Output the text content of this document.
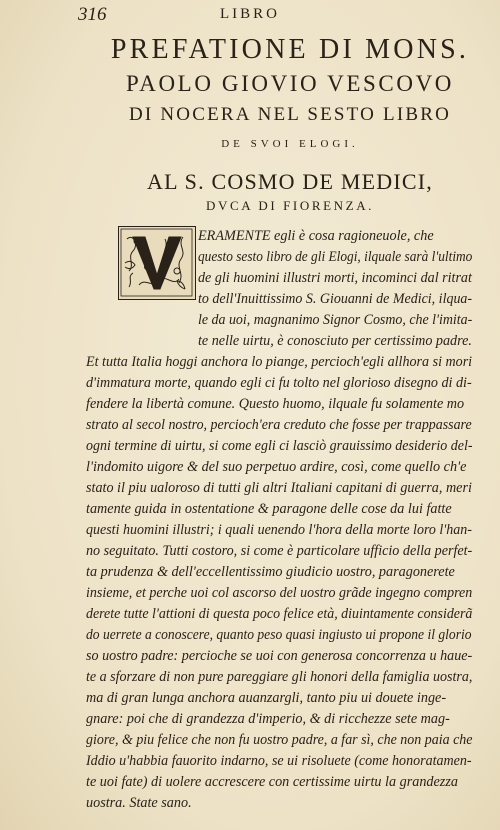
316	LIBRO
PREFATIONE DI MONS.
PAOLO GIOVIO VESCOVO
DI NOCERA NEL SESTO LIBRO
DE SVOI ELOGI.
AL S. COSMO DE MEDICI,
DVCA DI FIORENZA.
V
ERAMENTE egli è cosa ragioneuole, che
questo sesto libro de gli Elogi, ilquale sarà l'ultimo
de gli huomini illustri morti, incominci dal ritrat
to dell'Inuittissimo S. Giouanni de Medici, ilqua-
le da uoi, magnanimo Signor Cosmo, che l'imita-
te nelle uirtu, è conosciuto per certissimo padre.
Et tutta Italia hoggi anchora lo piange, percioch'egli allhora si mori
d'immatura morte, quando egli ci fu tolto nel glorioso disegno di di-
fendere la libertà comune. Questo huomo, ilquale fu solamente mo
strato al secol nostro, percioch'era creduto che fosse per trappassare
ogni termine di uirtu, si come egli ci lasciò grauissimo desiderio del-
l'indomito uigore & del suo perpetuo ardire, così, come quello ch'e
stato il piu ualoroso di tutti gli altri Italiani capitani di guerra, meri
tamente guida in ostentatione & paragone delle cose da lui fatte
questi huomini illustri; i quali uenendo l'hora della morte loro l'han-
no seguitato. Tutti costoro, si come è particolare ufficio della perfet-
ta prudenza & dell'eccellentissimo giudicio uostro, paragonerete
insieme, et perche uoi col ascorso del uostro grãde ingegno compren
derete tutte l'attioni di questa poco felice età, diuintamente considerã
do uerrete a conoscere, quanto peso quasi ingiusto ui propone il glorio
so uostro padre: percioche se uoi con generosa concorrenza u haue-
te a sforzare di non pure pareggiare gli honori della famiglia uostra,
ma di gran lunga anchora auanzargli, tanto piu ui douete inge-
gnare: poi che di grandezza d'imperio, & di ricchezze sete mag-
giore, & piu felice che non fu uostro padre, a far sì, che non paia che
Iddio u'habbia fauorito indarno, se ui risoluete (come honoratamen-
te uoi fate) di uolere accrescere con certissime uirtu la grandezza
uostra. State sano.
